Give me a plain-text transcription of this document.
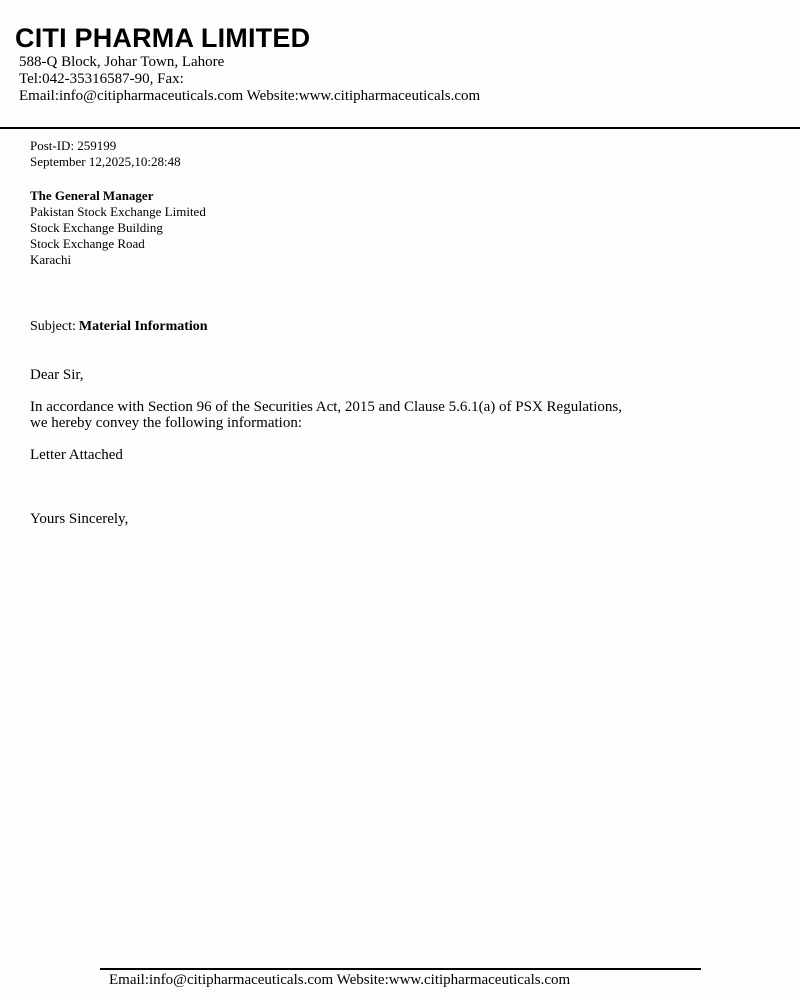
CITI PHARMA LIMITED
588-Q Block, Johar Town, Lahore
Tel:042-35316587-90, Fax:
Email:info@citipharmaceuticals.com Website:www.citipharmaceuticals.com
Post-ID: 259199
September 12,2025,10:28:48
The General Manager
Pakistan Stock Exchange Limited
Stock Exchange Building
Stock Exchange Road
Karachi
Subject: Material Information
Dear Sir,
In accordance with Section 96 of the Securities Act, 2015 and Clause 5.6.1(a) of PSX Regulations,
we hereby convey the following information:
Letter Attached
Yours Sincerely,
Email:info@citipharmaceuticals.com Website:www.citipharmaceuticals.com
